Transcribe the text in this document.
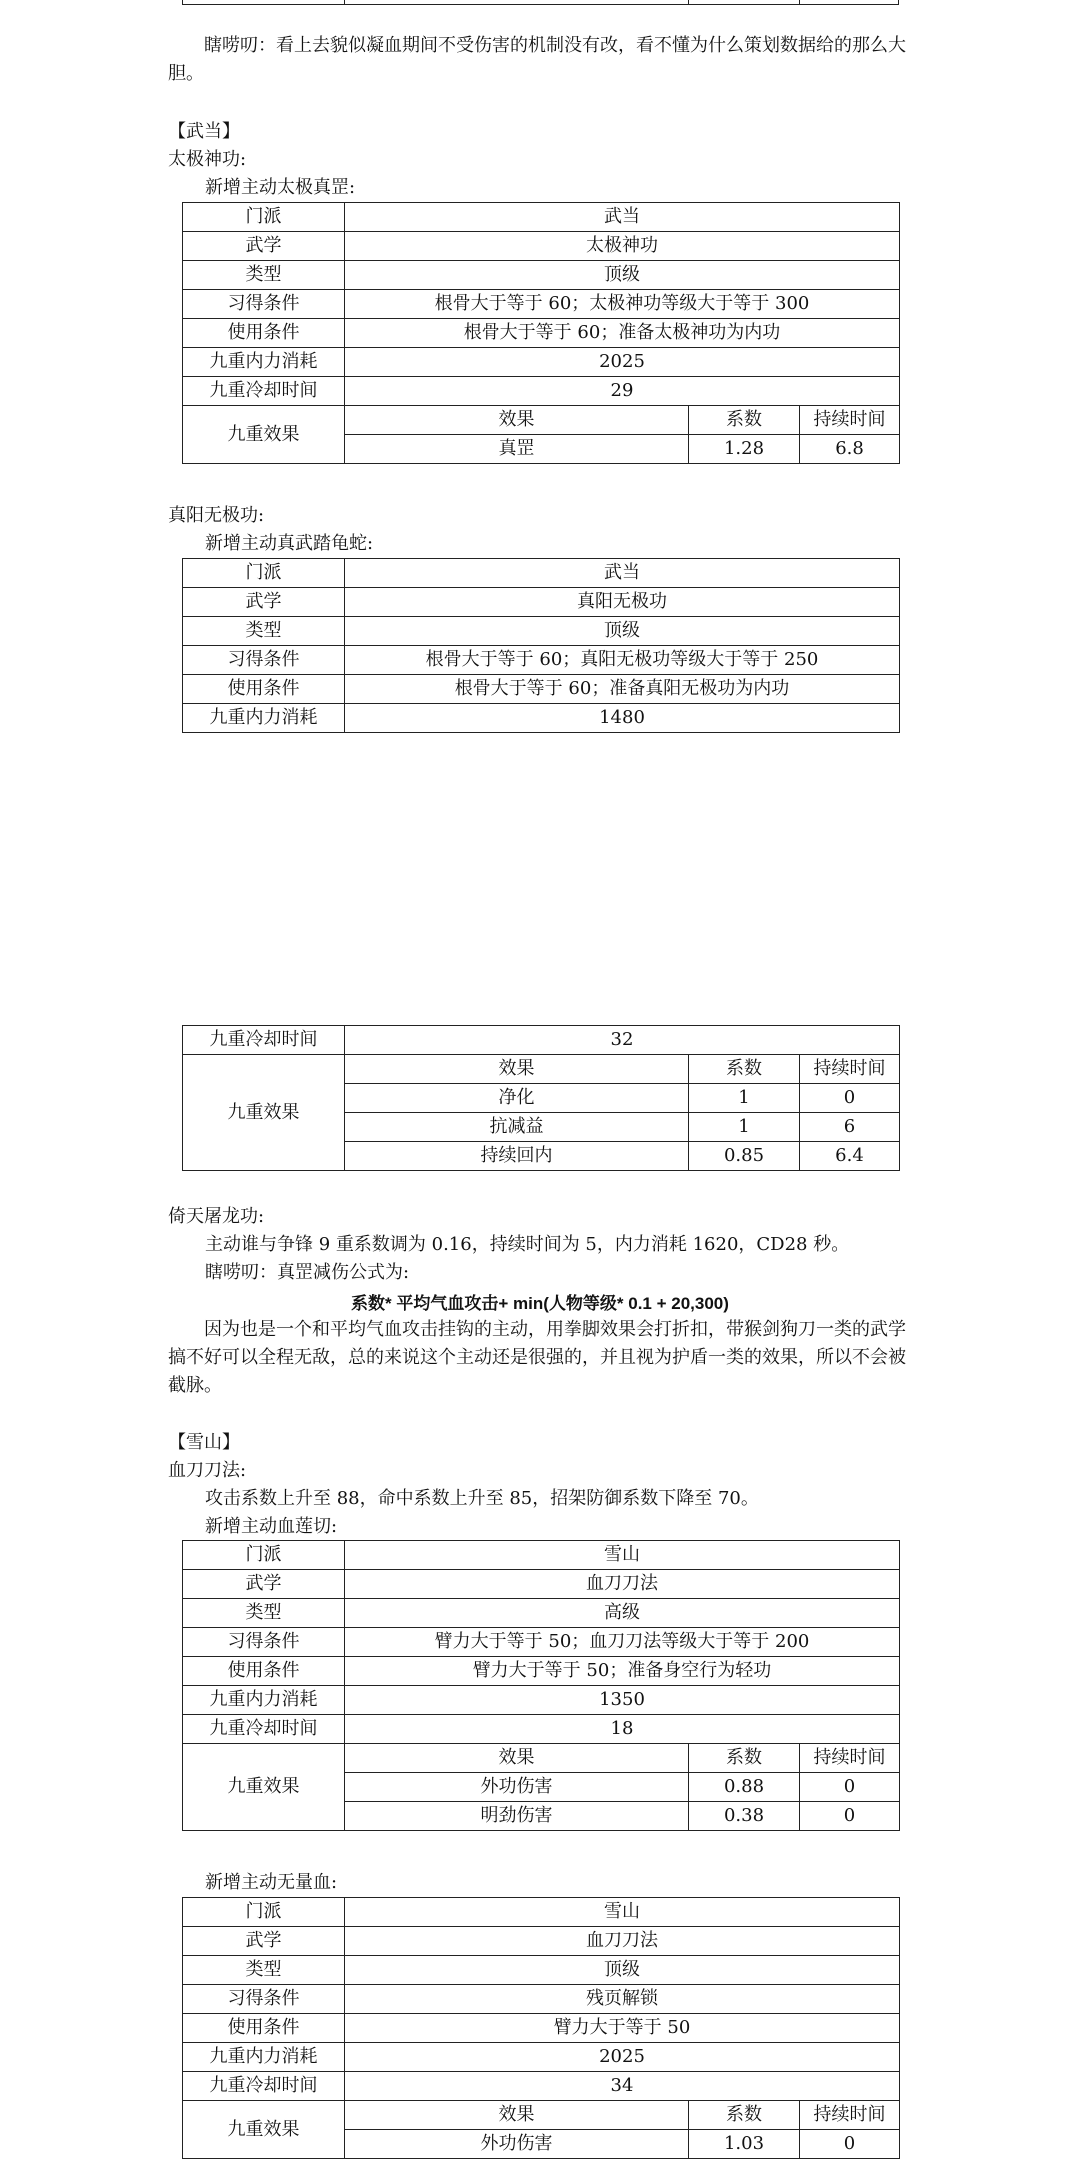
瞎唠叨：看上去貌似凝血期间不受伤害的机制没有改，看不懂为什么策划数据给的那么大胆。
【武当】
太极神功:
新增主动太极真罡:
门派	武当		
武学	太极神功		
类型	顶级		
习得条件	根骨大于等于 60；太极神功等级大于等于 300		
使用条件	根骨大于等于 60；准备太极神功为内功		
九重内力消耗	2025		
九重冷却时间	29		
九重效果	效果	系数	持续时间
	真罡	1.28	6.8
真阳无极功:
新增主动真武踏龟蛇:
门派	武当
武学	真阳无极功
类型	顶级
习得条件	根骨大于等于 60；真阳无极功等级大于等于 250
使用条件	根骨大于等于 60；准备真阳无极功为内功
九重内力消耗	1480
九重冷却时间	32		
九重效果	效果	系数	持续时间
	净化	1	0
	抗减益	1	6
	持续回内	0.85	6.4
倚天屠龙功:
主动谁与争锋 9 重系数调为 0.16，持续时间为 5，内力消耗 1620，CD28 秒。
瞎唠叨：真罡减伤公式为:
系数* 平均气血攻击+ min(人物等级* 0.1 + 20,300)
因为也是一个和平均气血攻击挂钩的主动，用拳脚效果会打折扣，带猴剑狗刀一类的武学搞不好可以全程无敌，总的来说这个主动还是很强的，并且视为护盾一类的效果，所以不会被截脉。
【雪山】
血刀刀法:
攻击系数上升至 88，命中系数上升至 85，招架防御系数下降至 70。
新增主动血莲切:
门派	雪山		
武学	血刀刀法		
类型	高级		
习得条件	臂力大于等于 50；血刀刀法等级大于等于 200		
使用条件	臂力大于等于 50；准备身空行为轻功		
九重内力消耗	1350		
九重冷却时间	18		
九重效果	效果	系数	持续时间
	外功伤害	0.88	0
	明劲伤害	0.38	0
新增主动无量血:
门派	雪山		
武学	血刀刀法		
类型	顶级		
习得条件	残页解锁		
使用条件	臂力大于等于 50		
九重内力消耗	2025		
九重冷却时间	34		
九重效果	效果	系数	持续时间
	外功伤害	1.03	0
